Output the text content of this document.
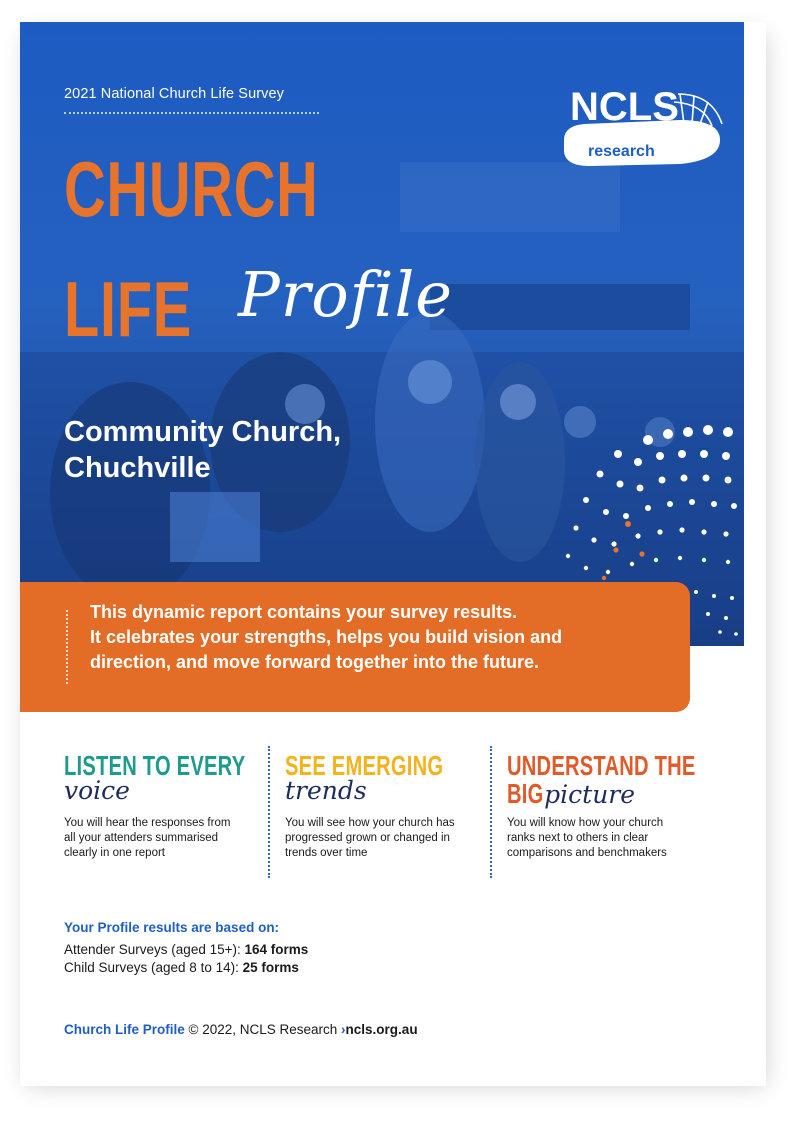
2021 National Church Life Survey	NCLS
research
CHURCH
LIFE Profile
Community Church,
Chuchville
This dynamic report contains your survey results.
It celebrates your strengths, helps you build vision and
direction, and move forward together into the future.
LISTEN TO EVERY
voice
You will hear the responses from
all your attenders summarised
clearly in one report
SEE EMERGING
trends
You will see how your church has
progressed grown or changed in
trends over time
UNDERSTAND THE
BIG picture
You will know how your church
ranks next to others in clear
comparisons and benchmakers
Your Profile results are based on:
Attender Surveys (aged 15+): 164 forms
Child Surveys (aged 8 to 14): 25 forms
Church Life Profile © 2022, NCLS Research ›ncls.org.au
